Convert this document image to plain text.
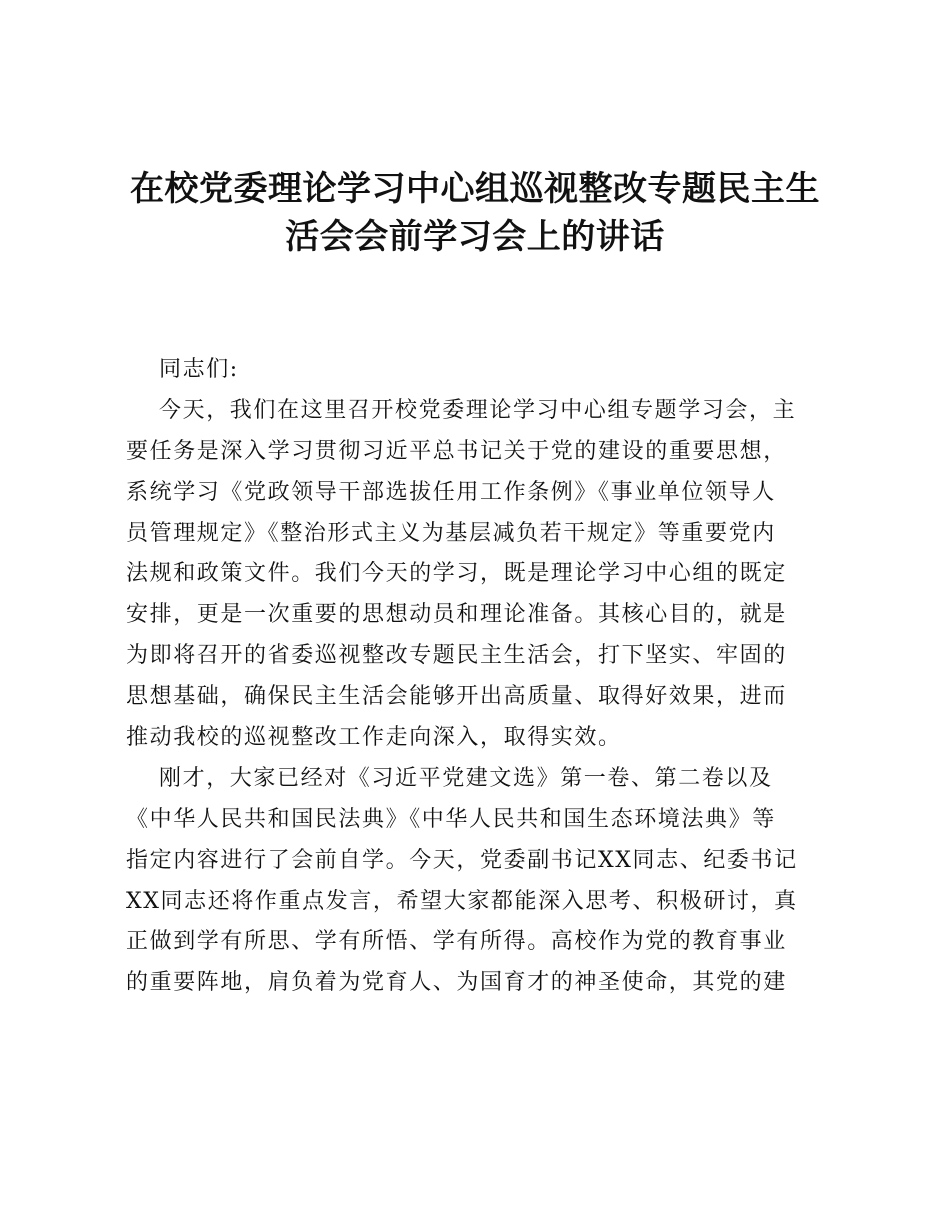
在校党委理论学习中心组巡视整改专题民主生
活会会前学习会上的讲话
同志们:
今天，我们在这里召开校党委理论学习中心组专题学习会，主
要任务是深入学习贯彻习近平总书记关于党的建设的重要思想，
系统学习《党政领导干部选拔任用工作条例》《事业单位领导人
员管理规定》《整治形式主义为基层减负若干规定》等重要党内
法规和政策文件。我们今天的学习，既是理论学习中心组的既定
安排，更是一次重要的思想动员和理论准备。其核心目的，就是
为即将召开的省委巡视整改专题民主生活会，打下坚实、牢固的
思想基础，确保民主生活会能够开出高质量、取得好效果，进而
推动我校的巡视整改工作走向深入，取得实效。
刚才，大家已经对《习近平党建文选》第一卷、第二卷以及
《中华人民共和国民法典》《中华人民共和国生态环境法典》等
指定内容进行了会前自学。今天，党委副书记XX同志、纪委书记
XX同志还将作重点发言，希望大家都能深入思考、积极研讨，真
正做到学有所思、学有所悟、学有所得。高校作为党的教育事业
的重要阵地，肩负着为党育人、为国育才的神圣使命，其党的建
